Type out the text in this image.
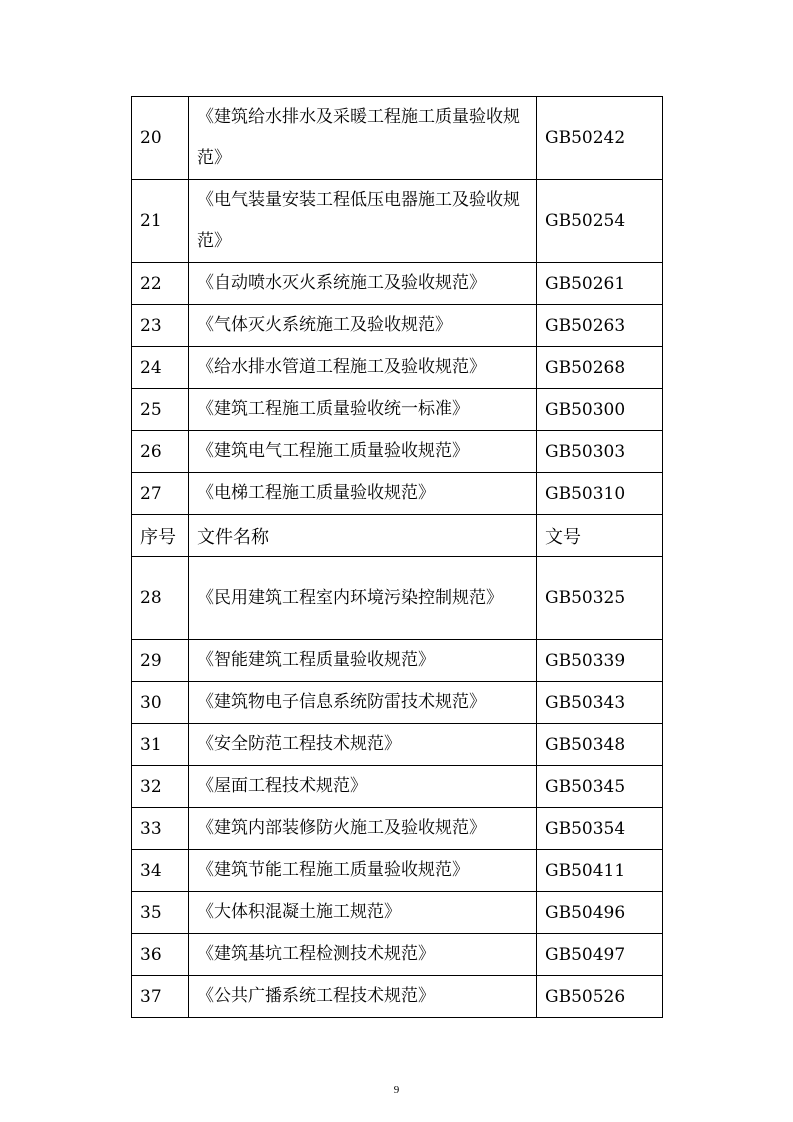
20	《建筑给水排水及采暖工程施工质量验收规范》	GB50242
21	《电气装量安装工程低压电器施工及验收规范》	GB50254
22	《自动喷水灭火系统施工及验收规范》	GB50261
23	《气体灭火系统施工及验收规范》	GB50263
24	《给水排水管道工程施工及验收规范》	GB50268
25	《建筑工程施工质量验收统一标准》	GB50300
26	《建筑电气工程施工质量验收规范》	GB50303
27	《电梯工程施工质量验收规范》	GB50310
序号	文件名称	文号
28	《民用建筑工程室内环境污染控制规范》	GB50325
29	《智能建筑工程质量验收规范》	GB50339
30	《建筑物电子信息系统防雷技术规范》	GB50343
31	《安全防范工程技术规范》	GB50348
32	《屋面工程技术规范》	GB50345
33	《建筑内部装修防火施工及验收规范》	GB50354
34	《建筑节能工程施工质量验收规范》	GB50411
35	《大体积混凝土施工规范》	GB50496
36	《建筑基坑工程检测技术规范》	GB50497
37	《公共广播系统工程技术规范》	GB50526
9
